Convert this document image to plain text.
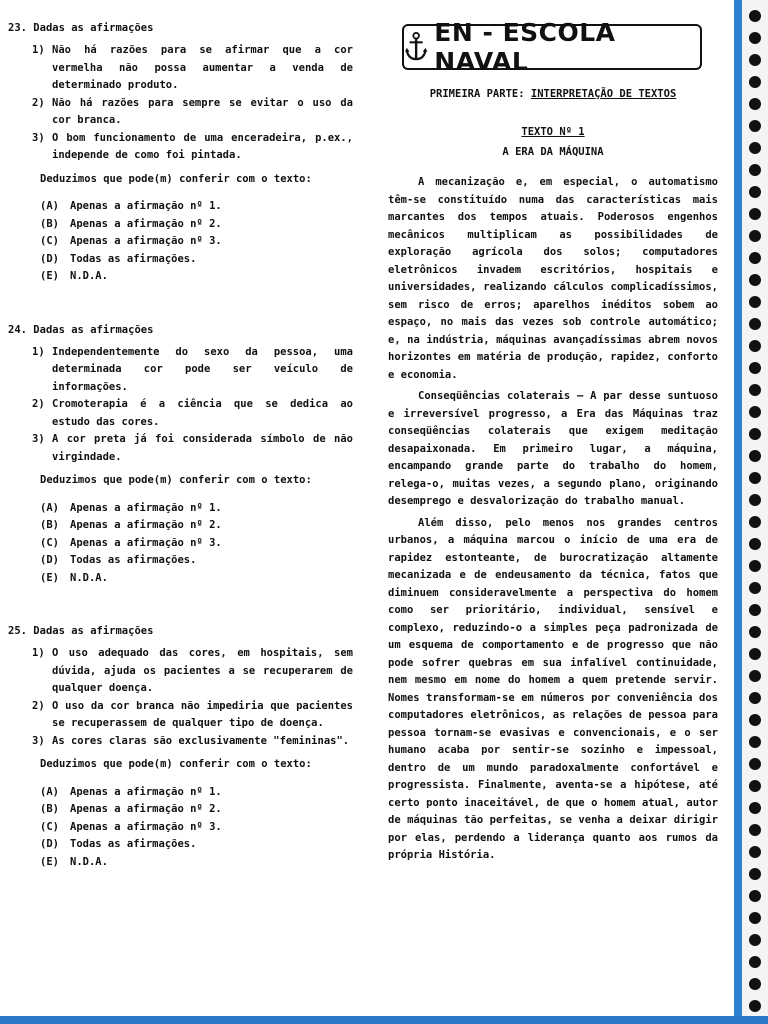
23. Dadas as afirmações
1) Não há razões para se afirmar que a cor vermelha não possa aumentar a venda de determinado produto.
2) Não há razões para sempre se evitar o uso da cor branca.
3) O bom funcionamento de uma enceradeira, p.ex., independe de como foi pintada.
Deduzimos que pode(m) conferir com o texto:
(A) Apenas a afirmação nº 1.
(B) Apenas a afirmação nº 2.
(C) Apenas a afirmação nº 3.
(D) Todas as afirmações.
(E) N.D.A.
24. Dadas as afirmações
1) Independentemente do sexo da pessoa, uma determinada cor pode ser veículo de informações.
2) Cromoterapia é a ciência que se dedica ao estudo das cores.
3) A cor preta já foi considerada símbolo de não virgindade.
Deduzimos que pode(m) conferir com o texto:
(A) Apenas a afirmação nº 1.
(B) Apenas a afirmação nº 2.
(C) Apenas a afirmação nº 3.
(D) Todas as afirmações.
(E) N.D.A.
25. Dadas as afirmações
1) O uso adequado das cores, em hospitais, sem dúvida, ajuda os pacientes a se recuperarem de qualquer doença.
2) O uso da cor branca não impediria que pacientes se recuperassem de qualquer tipo de doença.
3) As cores claras são exclusivamente "femininas".
Deduzimos que pode(m) conferir com o texto:
(A) Apenas a afirmação nº 1.
(B) Apenas a afirmação nº 2.
(C) Apenas a afirmação nº 3.
(D) Todas as afirmações.
(E) N.D.A.
EN - ESCOLA NAVAL
PRIMEIRA PARTE: INTERPRETAÇÃO DE TEXTOS
TEXTO Nº 1
A ERA DA MÁQUINA

A mecanização e, em especial, o automatismo têm-se constituído numa das características mais marcantes dos tempos atuais. Poderosos engenhos mecânicos multiplicam as possibilidades de exploração agrícola dos solos; computadores eletrônicos invadem escritórios, hospitais e universidades, realizando cálculos complicadíssimos, sem risco de erros; aparelhos inéditos sobem ao espaço, no mais das vezes sob controle automático; e, na indústria, máquinas avançadíssimas abrem novos horizontes em matéria de produção, rapidez, conforto e economia.

Conseqüências colaterais — A par desse suntuoso e irreversível progresso, a Era das Máquinas traz conseqüências colaterais que exigem meditação desapaixonada. Em primeiro lugar, a máquina, encampando grande parte do trabalho do homem, relega-o, muitas vezes, a segundo plano, originando desemprego e desvalorização do trabalho manual.

Além disso, pelo menos nos grandes centros urbanos, a máquina marcou o início de uma era de rapidez estonteante, de burocratização altamente mecanizada e de endeusamento da técnica, fatos que diminuem consideravelmente a perspectiva do homem como ser prioritário, individual, sensível e complexo, reduzindo-o a simples peça padronizada de um esquema de comportamento e de progresso que não pode sofrer quebras em sua infalível continuidade, nem mesmo em nome do homem a quem pretende servir. Nomes transformam-se em números por conveniência dos computadores eletrônicos, as relações de pessoa para pessoa tornam-se evasivas e convencionais, e o ser humano acaba por sentir-se sozinho e impessoal, dentro de um mundo paradoxalmente confortável e progressista. Finalmente, aventa-se a hipótese, até certo ponto inaceitável, de que o homem atual, autor de máquinas tão perfeitas, se venha a deixar dirigir por elas, perdendo a liderança quanto aos rumos da própria História.
